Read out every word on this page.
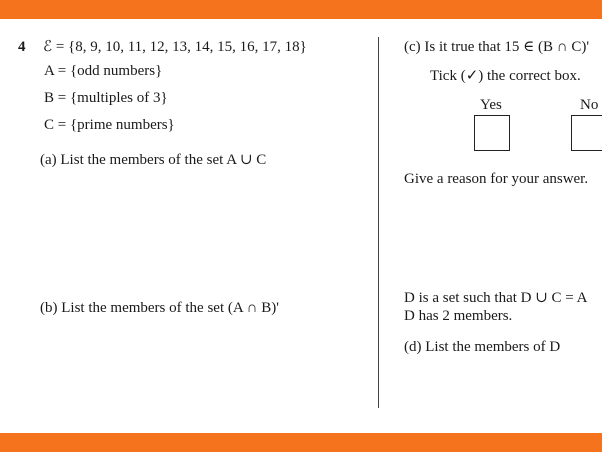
4 ℰ = {8, 9, 10, 11, 12, 13, 14, 15, 16, 17, 18}
A = {odd numbers}
B = {multiples of 3}
C = {prime numbers}
(a) List the members of the set A ∪ C
(b) List the members of the set (A ∩ B)'
(c) Is it true that 15 ∈ (B ∩ C)'
Tick (✓) the correct box.
Yes	No
Give a reason for your answer.
D is a set such that D ∪ C = A
D has 2 members.
(d) List the members of D
